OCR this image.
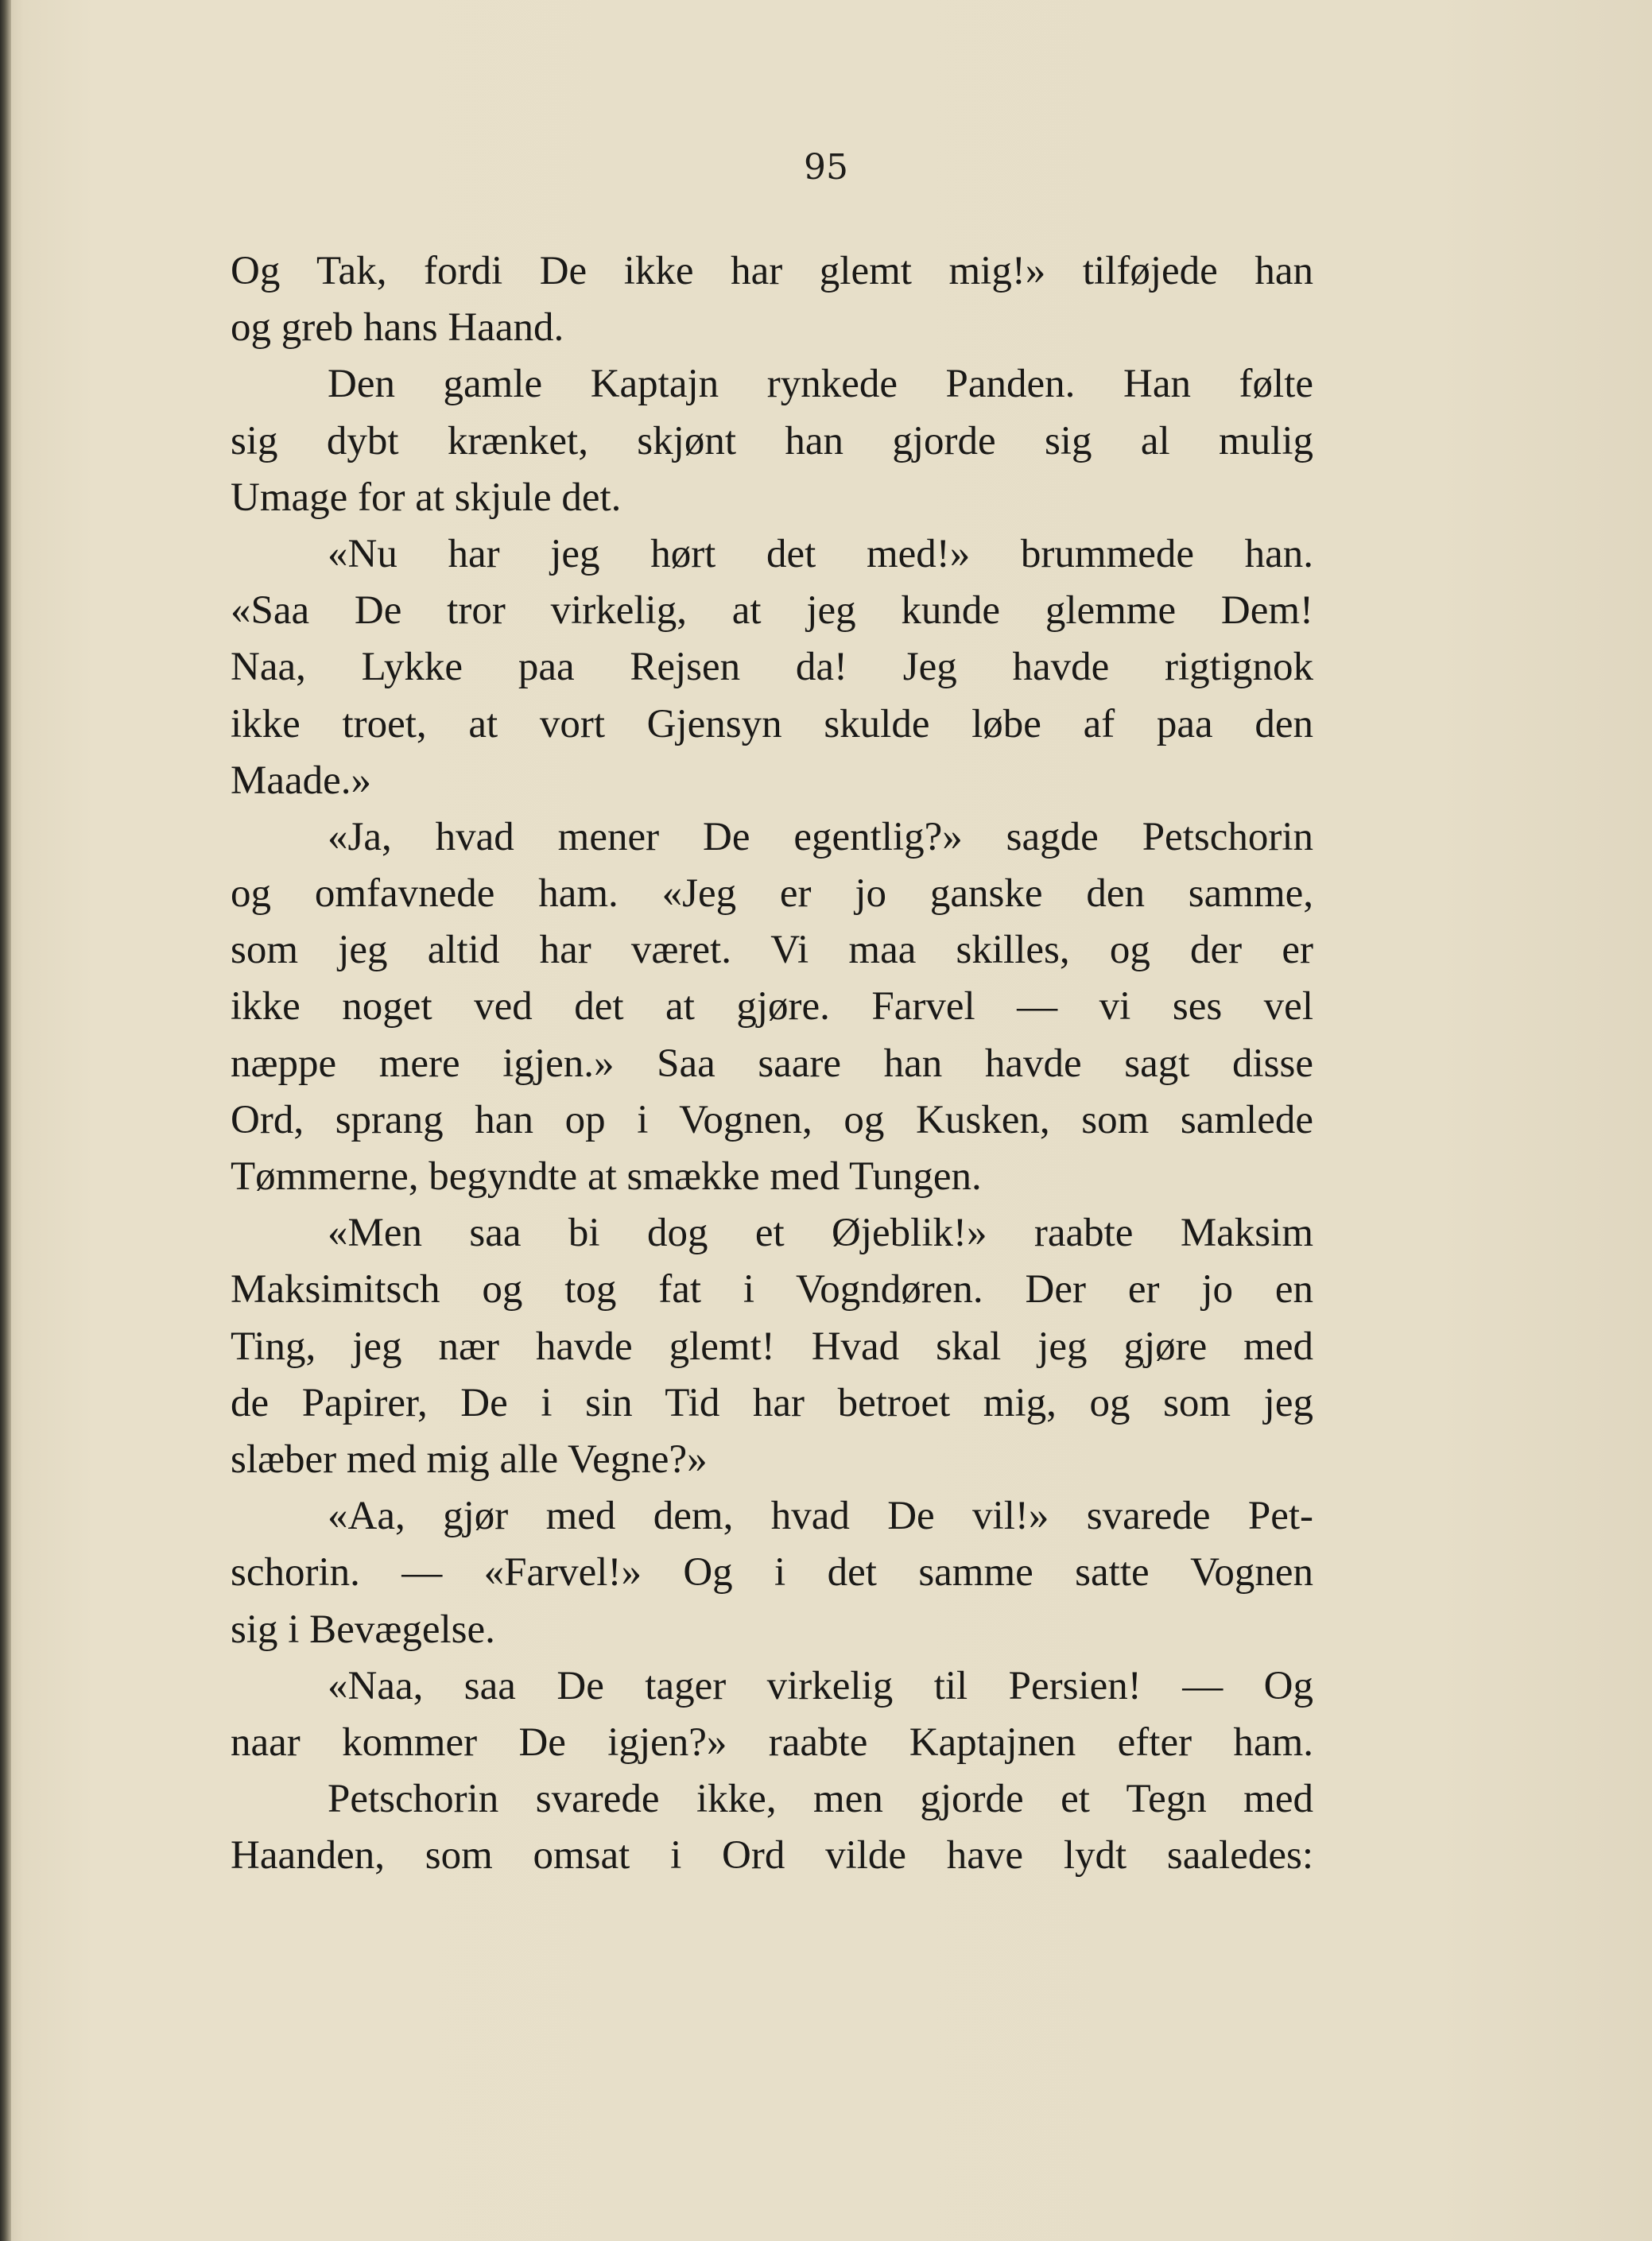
95
Og Tak, fordi De ikke har glemt mig!» tilføjede han
og greb hans Haand.
Den gamle Kaptajn rynkede Panden. Han følte
sig dybt krænket, skjønt han gjorde sig al mulig
Umage for at skjule det.
«Nu har jeg hørt det med!» brummede han.
«Saa De tror virkelig, at jeg kunde glemme Dem!
Naa, Lykke paa Rejsen da! Jeg havde rigtignok
ikke troet, at vort Gjensyn skulde løbe af paa den
Maade.»
«Ja, hvad mener De egentlig?» sagde Petschorin
og omfavnede ham. «Jeg er jo ganske den samme,
som jeg altid har været. Vi maa skilles, og der er
ikke noget ved det at gjøre. Farvel — vi ses vel
næppe mere igjen.» Saa saare han havde sagt disse
Ord, sprang han op i Vognen, og Kusken, som samlede
Tømmerne, begyndte at smække med Tungen.
«Men saa bi dog et Øjeblik!» raabte Maksim
Maksimitsch og tog fat i Vogndøren. Der er jo en
Ting, jeg nær havde glemt! Hvad skal jeg gjøre med
de Papirer, De i sin Tid har betroet mig, og som jeg
slæber med mig alle Vegne?»
«Aa, gjør med dem, hvad De vil!» svarede Pet-
schorin. — «Farvel!» Og i det samme satte Vognen
sig i Bevægelse.
«Naa, saa De tager virkelig til Persien! — Og
naar kommer De igjen?» raabte Kaptajnen efter ham.
Petschorin svarede ikke, men gjorde et Tegn med
Haanden, som omsat i Ord vilde have lydt saaledes:
